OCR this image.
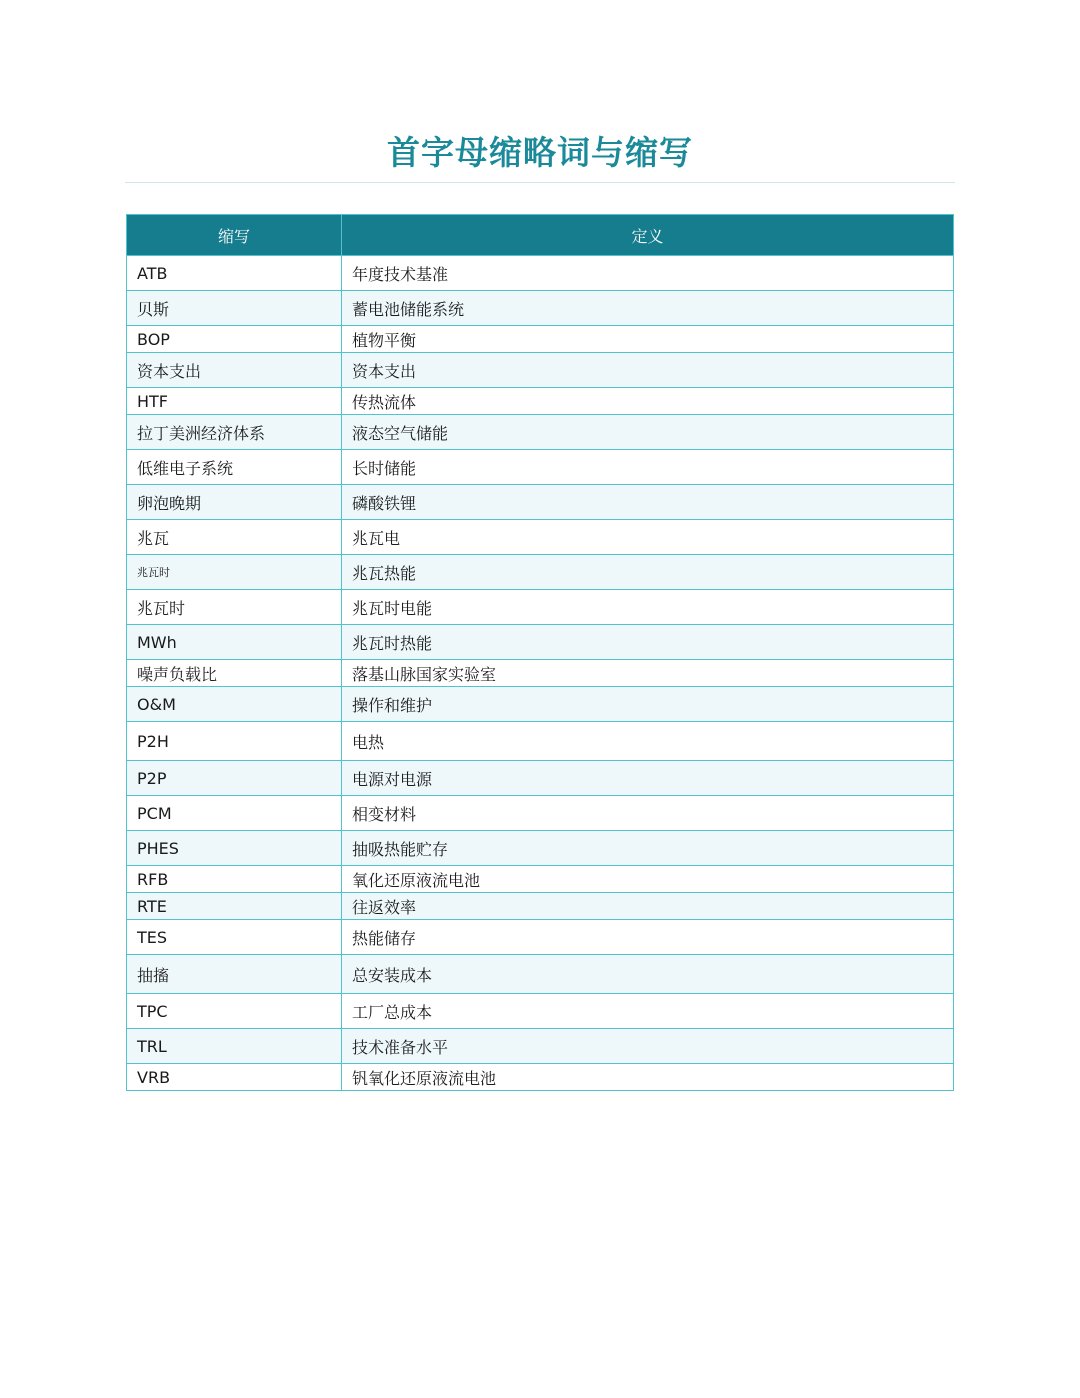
首字母缩略词与缩写
缩写	定义
ATB	年度技术基准
贝斯	蓄电池储能系统
BOP	植物平衡
资本支出	资本支出
HTF	传热流体
拉丁美洲经济体系	液态空气储能
低维电子系统	长时储能
卵泡晚期	磷酸铁锂
兆瓦	兆瓦电
兆瓦时	兆瓦热能
兆瓦时	兆瓦时电能
MWh	兆瓦时热能
噪声负载比	落基山脉国家实验室
O&M	操作和维护
P2H	电热
P2P	电源对电源
PCM	相变材料
PHES	抽吸热能贮存
RFB	氧化还原液流电池
RTE	往返效率
TES	热能储存
抽搐	总安装成本
TPC	工厂总成本
TRL	技术准备水平
VRB	钒氧化还原液流电池
